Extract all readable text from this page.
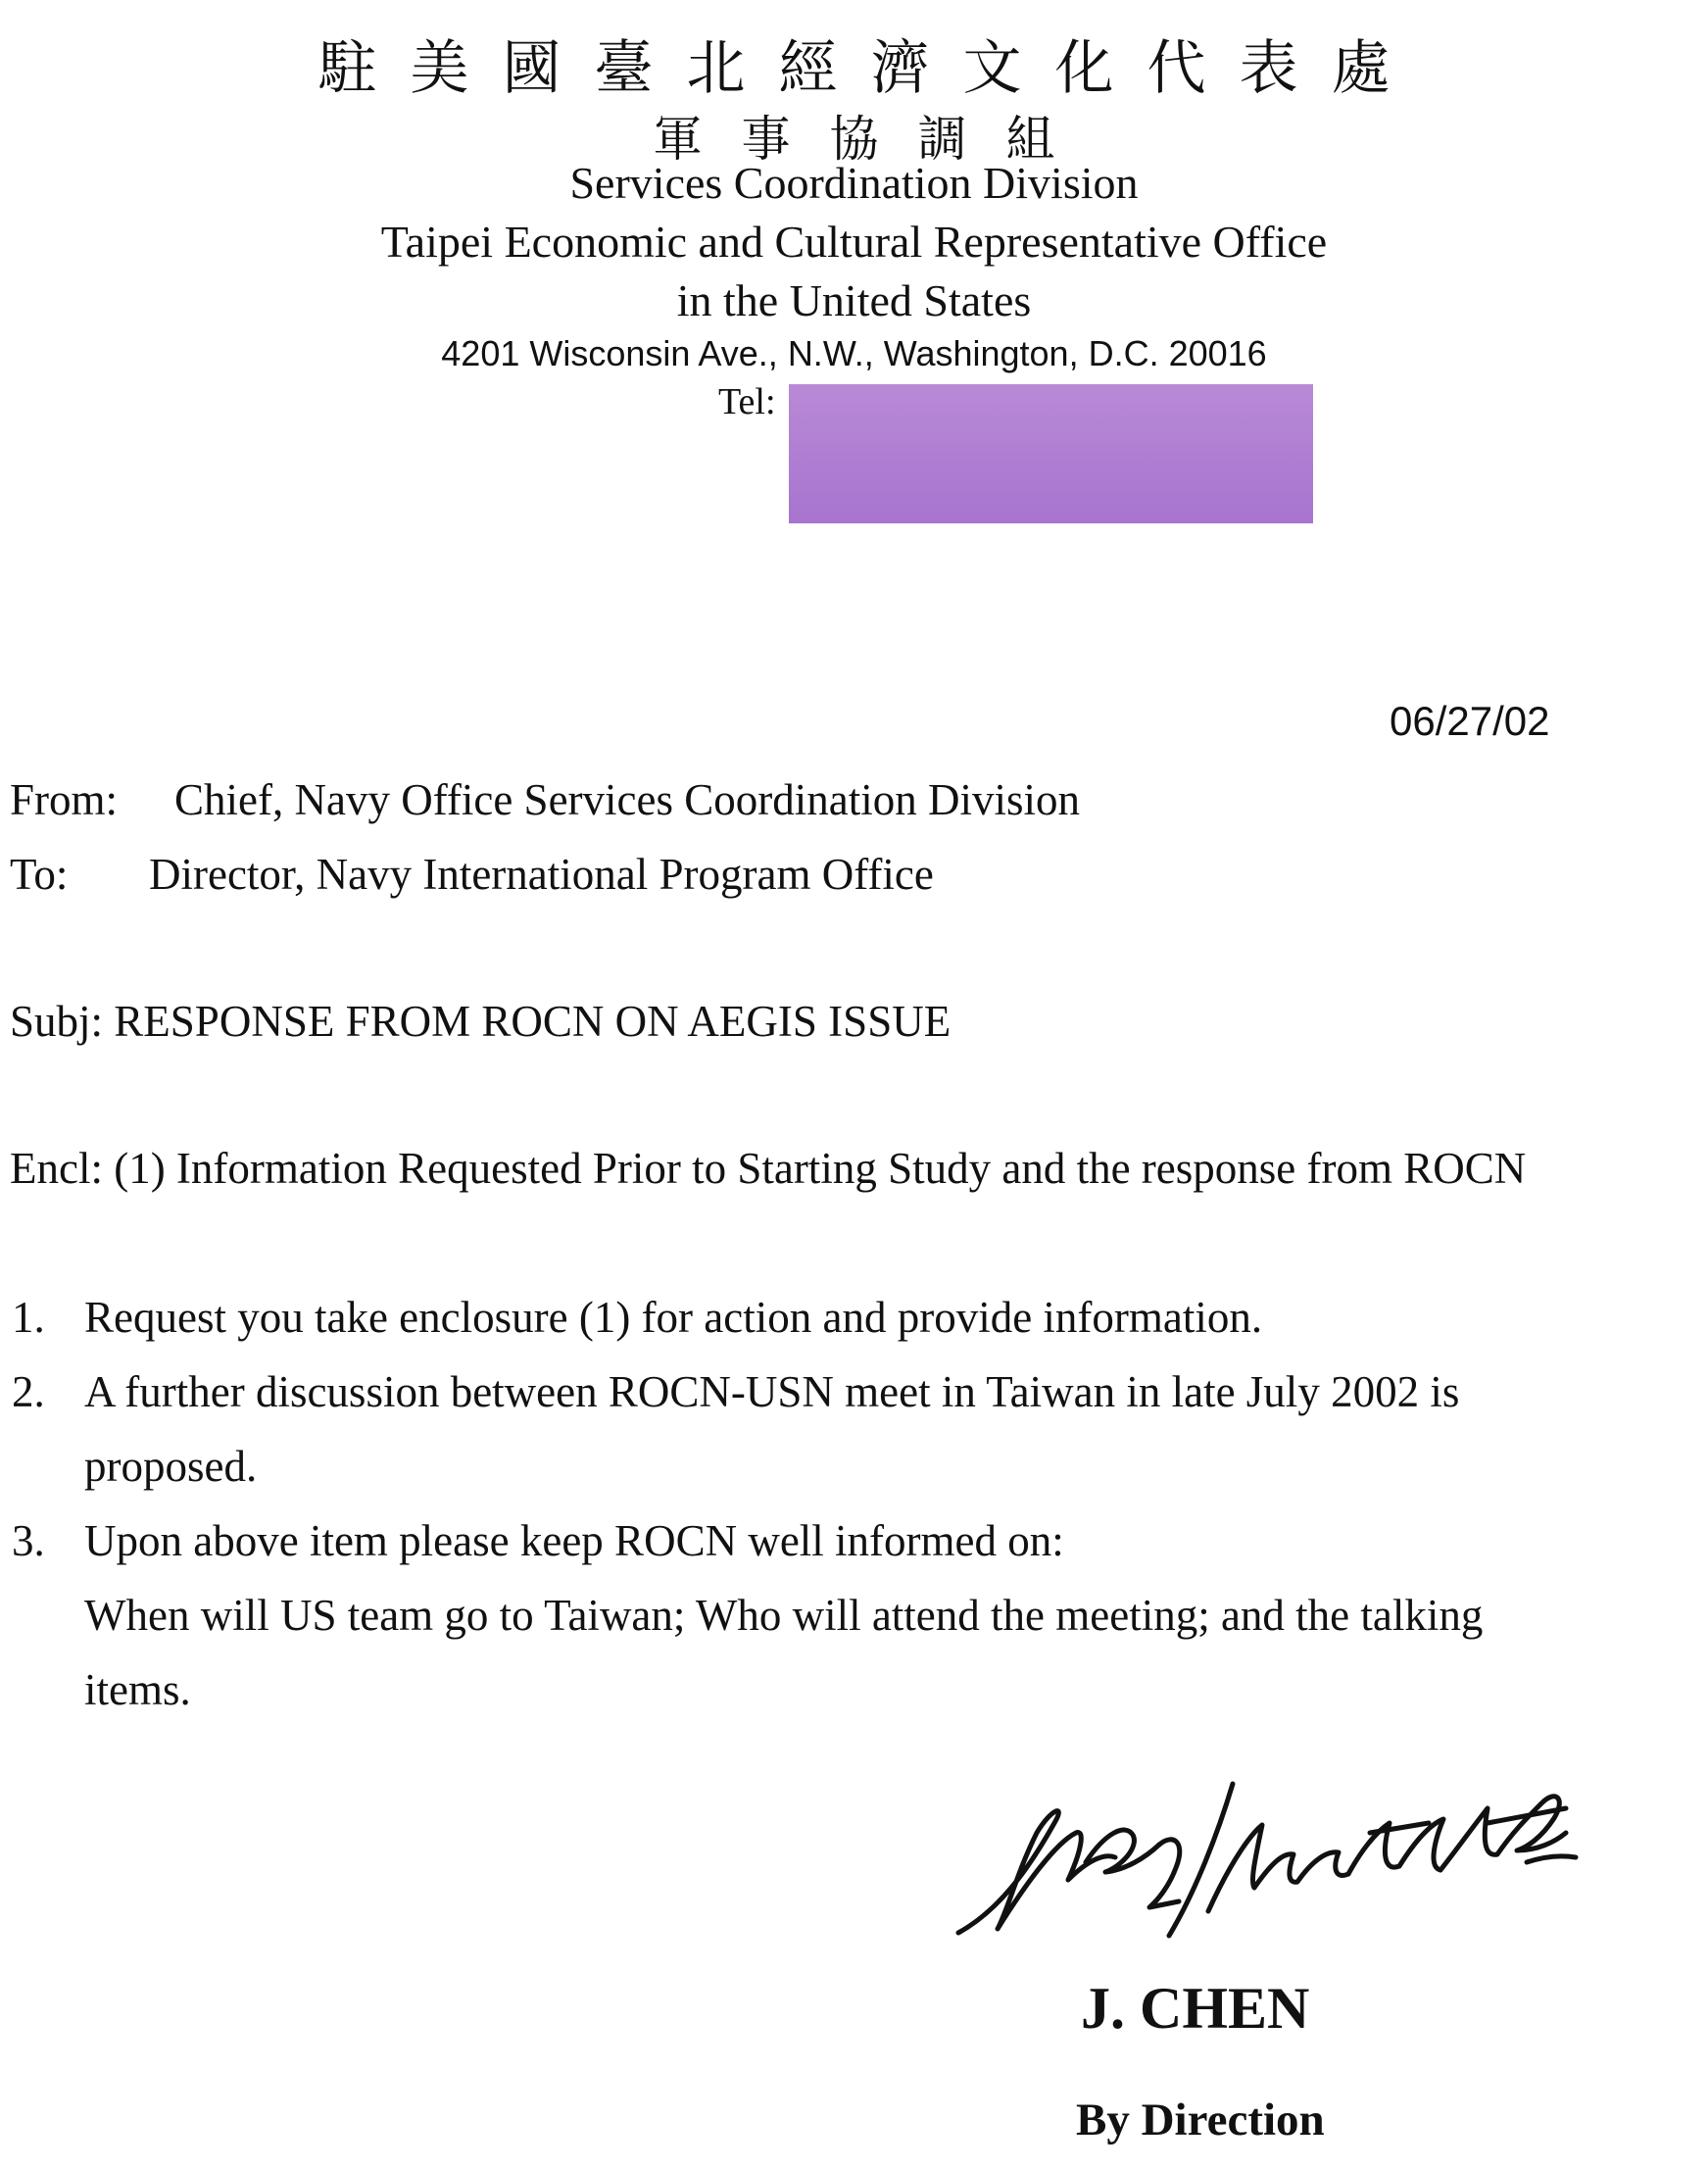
駐美國臺北經濟文化代表處
軍事協調組
Services Coordination Division
Taipei Economic and Cultural Representative Office
in the United States
4201 Wisconsin Ave., N.W., Washington, D.C. 20016
Tel:
06/27/02
From: Chief, Navy Office Services Coordination Division
To: Director, Navy International Program Office
Subj: RESPONSE FROM ROCN ON AEGIS ISSUE
Encl: (1) Information Requested Prior to Starting Study and the response from ROCN
1. Request you take enclosure (1) for action and provide information.
2. A further discussion between ROCN-USN meet in Taiwan in late July 2002 is
proposed.
3. Upon above item please keep ROCN well informed on:
When will US team go to Taiwan; Who will attend the meeting; and the talking
items.
J. CHEN
By Direction
